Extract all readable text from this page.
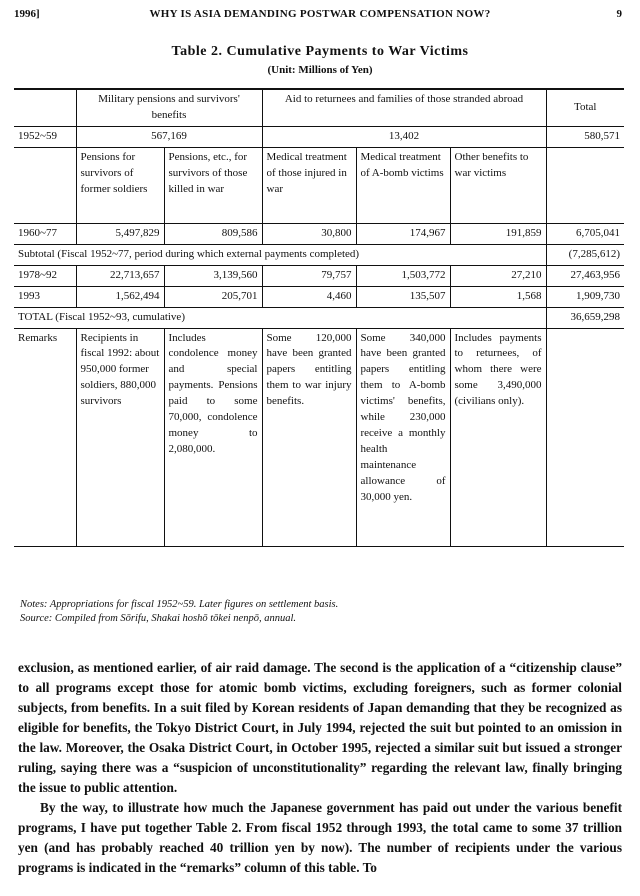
1996]	WHY IS ASIA DEMANDING POSTWAR COMPENSATION NOW?	9
Table 2. Cumulative Payments to War Victims
(Unit: Millions of Yen)
	Military pensions and survivors' benefits		Aid to returnees and families of those stranded abroad			Total
1952~59	567,169		13,402			580,571
	Pensions for survivors of former soldiers	Pensions, etc., for survivors of those killed in war	Medical treatment of those injured in war	Medical treatment of A-bomb victims	Other benefits to war victims	
1960~77	5,497,829	809,586	30,800	174,967	191,859	6,705,041
Subtotal (Fiscal 1952~77, period during which external payments completed)						(7,285,612)
1978~92	22,713,657	3,139,560	79,757	1,503,772	27,210	27,463,956
1993	1,562,494	205,701	4,460	135,507	1,568	1,909,730
TOTAL (Fiscal 1952~93, cumulative)						36,659,298
Remarks	Recipients in fiscal 1992: about 950,000 former soldiers, 880,000 survivors	Includes condolence money and special payments. Pensions paid to some 70,000, condolence money to 2,080,000.	Some 120,000 have been granted papers entitling them to war injury benefits.	Some 340,000 have been granted papers entitling them to A-bomb victims' benefits, while 230,000 receive a monthly health maintenance allowance of 30,000 yen.	Includes payments to returnees, of whom there were some 3,490,000 (civilians only).	
Notes: Appropriations for fiscal 1952~59. Later figures on settlement basis.
Source: Compiled from Sōrifu, Shakai hoshō tōkei nenpō, annual.

exclusion, as mentioned earlier, of air raid damage. The second is the application of a “citizenship clause” to all programs except those for atomic bomb victims, excluding foreigners, such as former colonial subjects, from benefits. In a suit filed by Korean residents of Japan demanding that they be recognized as eligible for benefits, the Tokyo District Court, in July 1994, rejected the suit but pointed to an omission in the law. Moreover, the Osaka District Court, in October 1995, rejected a similar suit but issued a stronger ruling, saying there was a “suspicion of unconstitutionality” regarding the relevant law, finally bringing the issue to public attention.

By the way, to illustrate how much the Japanese government has paid out under the various benefit programs, I have put together Table 2. From fiscal 1952 through 1993, the total came to some 37 trillion yen (and has probably reached 40 trillion yen by now). The number of recipients under the various programs is indicated in the “remarks” column of this table. To
